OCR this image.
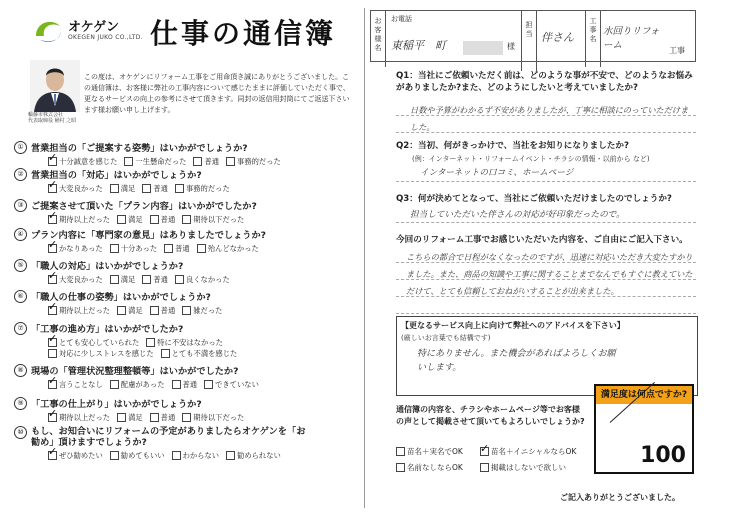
オケゲン
OKEGEN JUKO CO.,LTD. 仕事の通信簿
輪藤市株式会社
代表取締役 桶村 之昭
この度は、オケゲンにリフォーム工事をご用命頂き誠にありがとうございました。この通信簿は、お客様に弊社の工事内容について感じたままに評価していただく事で、更なるサービスの向上の参考にさせて頂きます。同封の返信用封筒にてご返送下さいます様お願い申し上げます。
① 営業担当の「ご提案する姿勢」はいかがでしょうか?
✓
十分誠意を感じた 一生懸命だった 普通 事務的だった
② 営業担当の「対応」はいかがでしょうか?
✓
大変良かった 満足 普通 事務的だった
③ ご提案させて頂いた「プラン内容」はいかがでしたか?
✓
期待以上だった 満足 普通 期待以下だった
④ プラン内容に「専門家の意見」はありましたでしょうか?
✓
かなりあった 十分あった 普通 殆んどなかった
⑤ 「職人の対応」はいかがでしょうか?
✓
大変良かった 満足 普通 良くなかった
⑥ 「職人の仕事の姿勢」はいかがでしょうか?
✓
期待以上だった 満足 普通 雑だった
⑦ 「工事の進め方」はいかがでしたか?
✓
とても安心していられた 特に不安はなかった
対応に少しストレスを感じた とても不満を感じた
⑧ 現場の「管理状況整理整頓等」はいかがでしたか?
✓
言うことなし 配慮があった 普通 できていない
⑨ 「工事の仕上がり」はいかがでしょうか?
✓
期待以上だった 満足 普通 期待以下だった
⑩ もし、お知合いにリフォームの予定がありましたらオケゲンを「お勧め」頂けますでしょうか?
✓
ぜひ勧めたい 勧めてもいい わからない 勧められない
お客様名
お電話
東稲平　町	様
担当 伴さん
工事名
水回りリフォーム	工事
Q1：当社にご依頼いただく前は、どのような事が不安で、どのようなお悩みがありましたか?また、どのようにしたいと考えていましたか?
日数や予算がわかるず不安がありましたが、丁寧に相談にのっていただけました。
Q2：当初、何がきっかけで、当社をお知りになりましたか?
(例：インターネット・リフォームイベント・チラシの情報・以前から など)
インターネットの口コミ、ホームページ
Q3：何が決めてとなって、当社にご依頼いただけましたのでしょうか?
担当していただいた伴さんの対応が好印象だったので。
今回のリフォーム工事でお感じいただいた内容を、ご自由にご記入下さい。
こちらの都合で日程がなくなったのですが、迅速に対応いただき大変たすかりました。また、商品の知識や工事に関することまでなんでもすぐに教えていただけて、とても信頼しておねがいすることが出来ました。
【更なるサービス向上に向けて弊社へのアドバイスを下さい】
(厳しいお言葉でも結構です)
特にありません。また機会があればよろしくお願いします。
満足度は何点ですか?
100
通信簿の内容を、チラシやホームページ等でお客様の声として掲載させて頂いてもよろしいでしょうか?
苗名＋実名でOK
✓	苗名＋イニシャルならOK
名前なしならOK	掲載はしないで欲しい
ご記入ありがとうございました。
